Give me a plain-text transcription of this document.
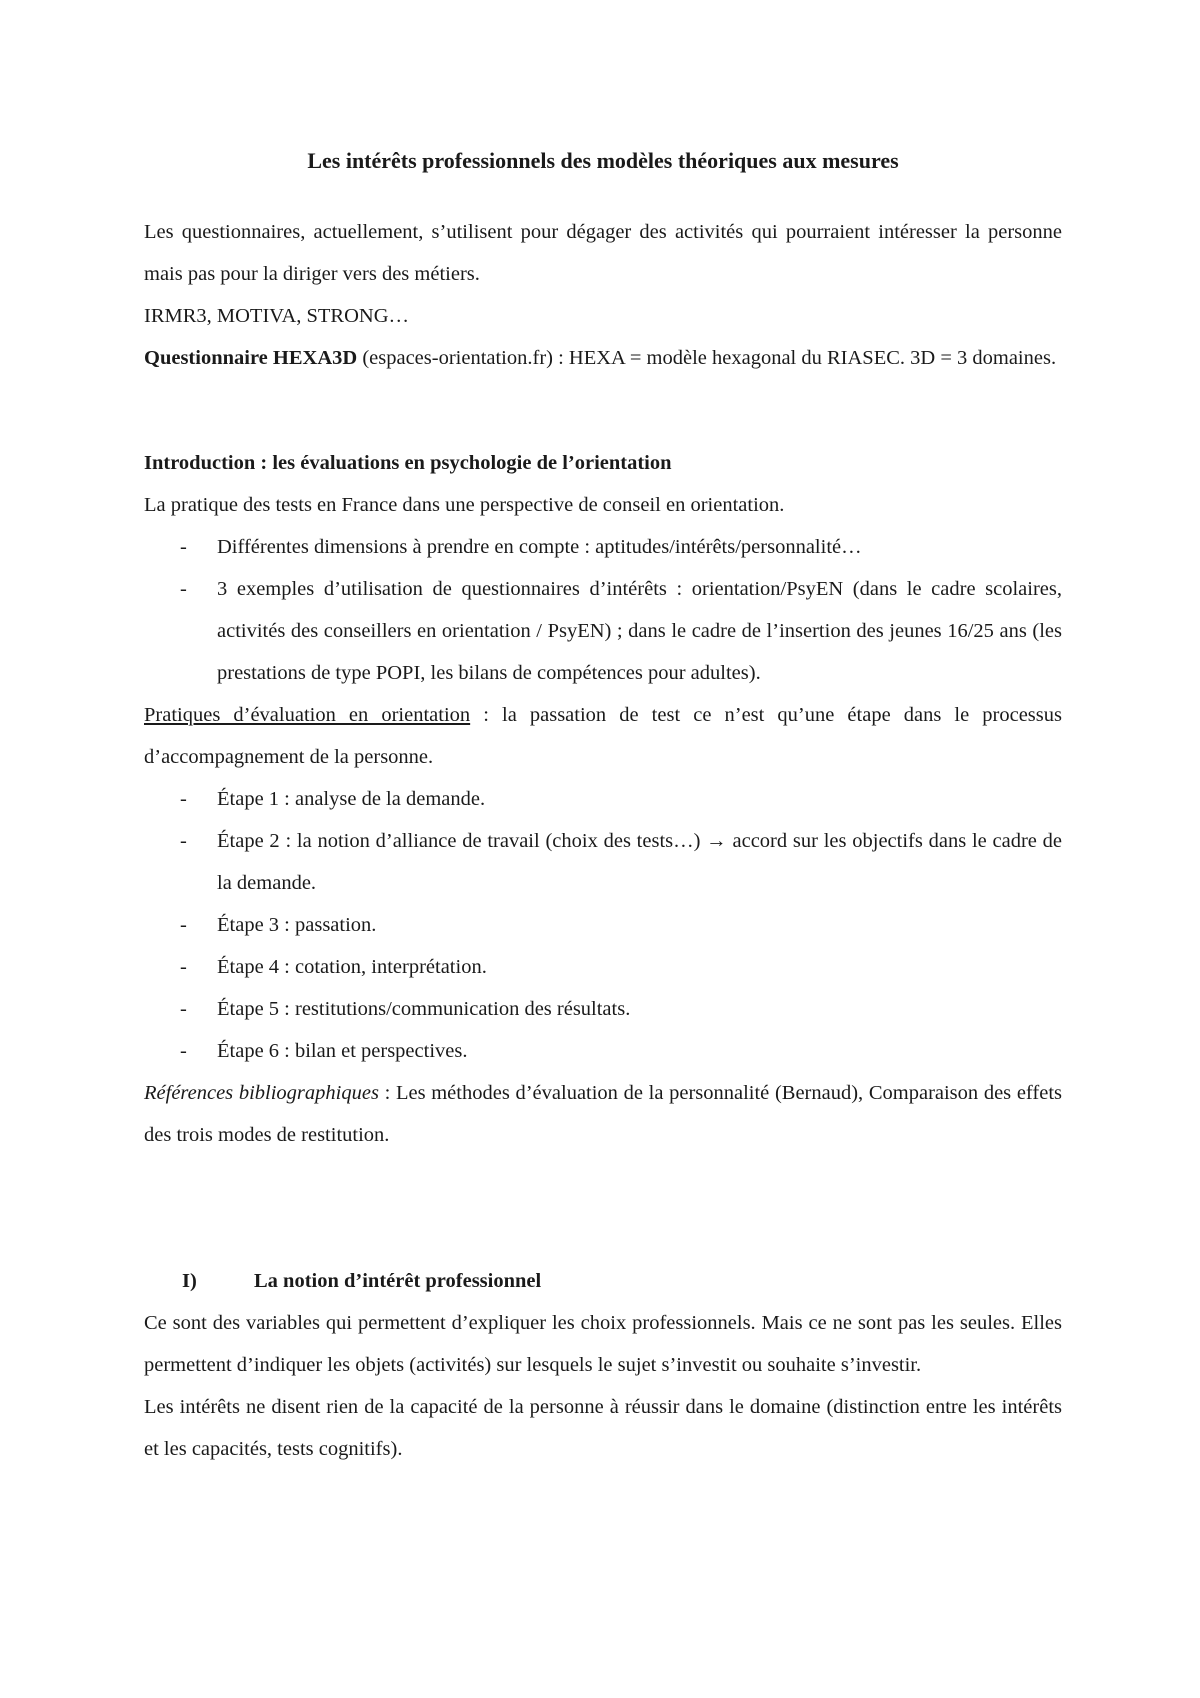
Les intérêts professionnels des modèles théoriques aux mesures

Les questionnaires, actuellement, s’utilisent pour dégager des activités qui pourraient intéresser la personne mais pas pour la diriger vers des métiers.

IRMR3, MOTIVA, STRONG…

Questionnaire HEXA3D (espaces-orientation.fr) : HEXA = modèle hexagonal du RIASEC. 3D = 3 domaines.

Introduction : les évaluations en psychologie de l’orientation

La pratique des tests en France dans une perspective de conseil en orientation.

- Différentes dimensions à prendre en compte : aptitudes/intérêts/personnalité…
- 3 exemples d’utilisation de questionnaires d’intérêts : orientation/PsyEN (dans le cadre scolaires, activités des conseillers en orientation / PsyEN) ; dans le cadre de l’insertion des jeunes 16/25 ans (les prestations de type POPI, les bilans de compétences pour adultes).

Pratiques d’évaluation en orientation : la passation de test ce n’est qu’une étape dans le processus d’accompagnement de la personne.

- Étape 1 : analyse de la demande.
- Étape 2 : la notion d’alliance de travail (choix des tests…) → accord sur les objectifs dans le cadre de la demande.
- Étape 3 : passation.
- Étape 4 : cotation, interprétation.
- Étape 5 : restitutions/communication des résultats.
- Étape 6 : bilan et perspectives.

Références bibliographiques : Les méthodes d’évaluation de la personnalité (Bernaud), Comparaison des effets des trois modes de restitution.

I)	La notion d’intérêt professionnel

Ce sont des variables qui permettent d’expliquer les choix professionnels. Mais ce ne sont pas les seules. Elles permettent d’indiquer les objets (activités) sur lesquels le sujet s’investit ou souhaite s’investir.

Les intérêts ne disent rien de la capacité de la personne à réussir dans le domaine (distinction entre les intérêts et les capacités, tests cognitifs).
